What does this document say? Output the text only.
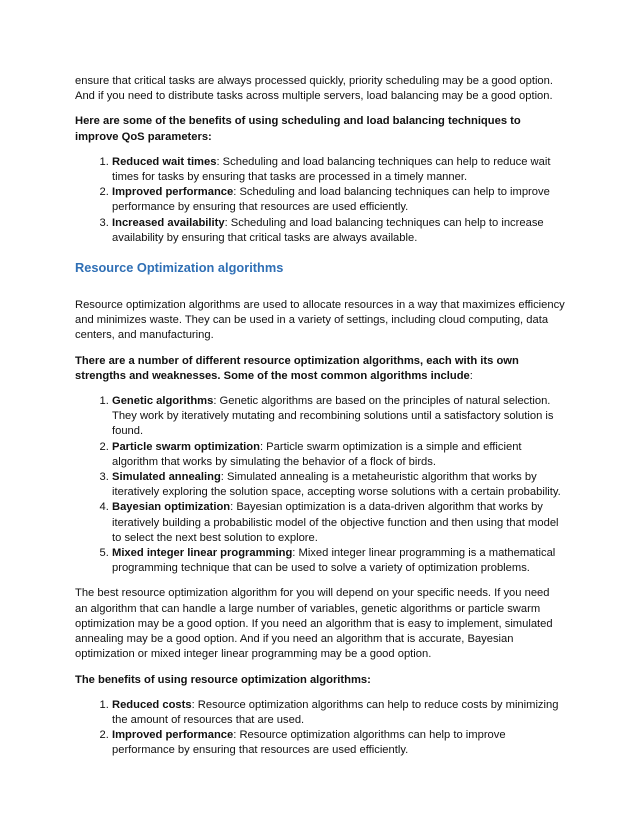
ensure that critical tasks are always processed quickly, priority scheduling may be a good option. And if you need to distribute tasks across multiple servers, load balancing may be a good option.

Here are some of the benefits of using scheduling and load balancing techniques to improve QoS parameters:

1. Reduced wait times: Scheduling and load balancing techniques can help to reduce wait times for tasks by ensuring that tasks are processed in a timely manner.
2. Improved performance: Scheduling and load balancing techniques can help to improve performance by ensuring that resources are used efficiently.
3. Increased availability: Scheduling and load balancing techniques can help to increase availability by ensuring that critical tasks are always available.
Resource Optimization algorithms

Resource optimization algorithms are used to allocate resources in a way that maximizes efficiency and minimizes waste. They can be used in a variety of settings, including cloud computing, data centers, and manufacturing.

There are a number of different resource optimization algorithms, each with its own strengths and weaknesses. Some of the most common algorithms include:

1. Genetic algorithms: Genetic algorithms are based on the principles of natural selection. They work by iteratively mutating and recombining solutions until a satisfactory solution is found.
2. Particle swarm optimization: Particle swarm optimization is a simple and efficient algorithm that works by simulating the behavior of a flock of birds.
3. Simulated annealing: Simulated annealing is a metaheuristic algorithm that works by iteratively exploring the solution space, accepting worse solutions with a certain probability.
4. Bayesian optimization: Bayesian optimization is a data-driven algorithm that works by iteratively building a probabilistic model of the objective function and then using that model to select the next best solution to explore.
5. Mixed integer linear programming: Mixed integer linear programming is a mathematical programming technique that can be used to solve a variety of optimization problems.

The best resource optimization algorithm for you will depend on your specific needs. If you need an algorithm that can handle a large number of variables, genetic algorithms or particle swarm optimization may be a good option. If you need an algorithm that is easy to implement, simulated annealing may be a good option. And if you need an algorithm that is accurate, Bayesian optimization or mixed integer linear programming may be a good option.

The benefits of using resource optimization algorithms:

1. Reduced costs: Resource optimization algorithms can help to reduce costs by minimizing the amount of resources that are used.
2. Improved performance: Resource optimization algorithms can help to improve performance by ensuring that resources are used efficiently.
